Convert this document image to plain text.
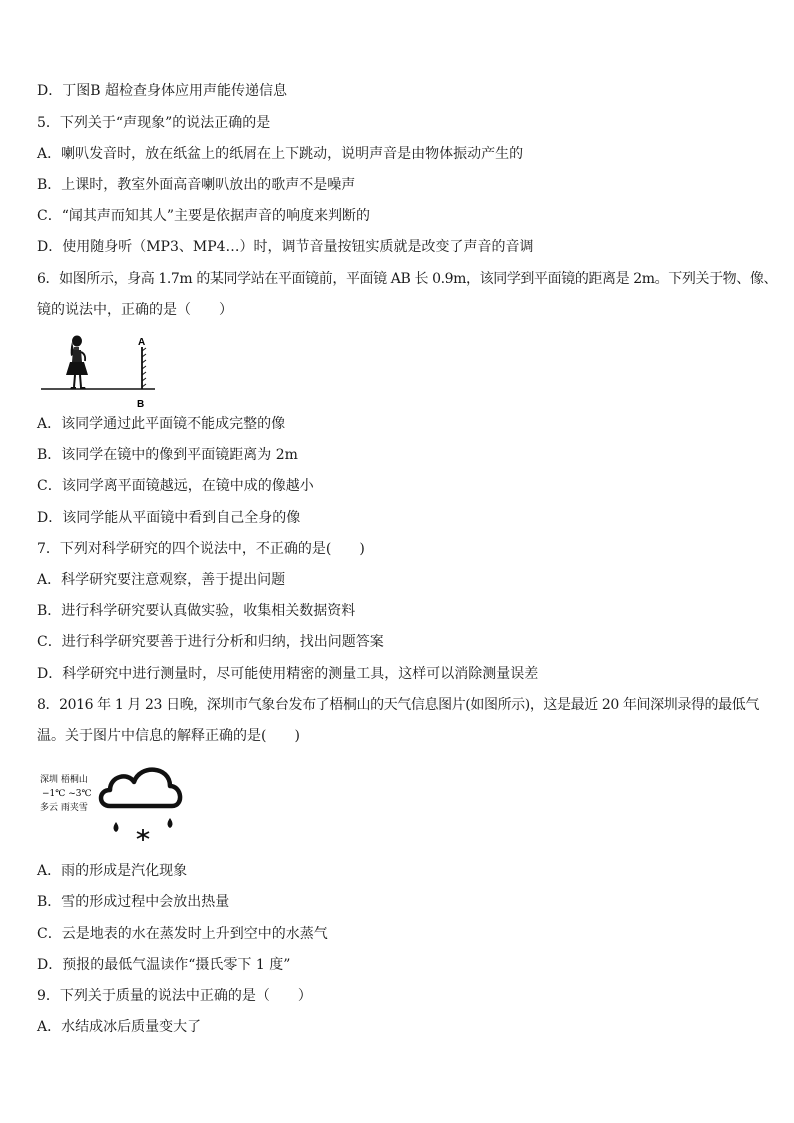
D．丁图B 超检查身体应用声能传递信息
5．下列关于“声现象”的说法正确的是
A．喇叭发音时，放在纸盆上的纸屑在上下跳动，说明声音是由物体振动产生的
B．上课时，教室外面高音喇叭放出的歌声不是噪声
C．“闻其声而知其人”主要是依据声音的响度来判断的
D．使用随身听（MP3、MP4…）时，调节音量按钮实质就是改变了声音的音调
6．如图所示，身高 1.7m 的某同学站在平面镜前，平面镜 AB 长 0.9m，该同学到平面镜的距离是 2m。下列关于物、像、
镜的说法中，正确的是（　　）
A
B
A．该同学通过此平面镜不能成完整的像
B．该同学在镜中的像到平面镜距离为 2m
C．该同学离平面镜越远，在镜中成的像越小
D．该同学能从平面镜中看到自己全身的像
7．下列对科学研究的四个说法中，不正确的是(　　)
A．科学研究要注意观察，善于提出问题
B．进行科学研究要认真做实验，收集相关数据资料
C．进行科学研究要善于进行分析和归纳，找出问题答案
D．科学研究中进行测量时，尽可能使用精密的测量工具，这样可以消除测量误差
8．2016 年 1 月 23 日晚，深圳市气象台发布了梧桐山的天气信息图片(如图所示)，这是最近 20 年间深圳录得的最低气
温。关于图片中信息的解释正确的是(　　)
深圳 梧桐山
−1℃ ~3℃
多云 雨夹雪
A．雨的形成是汽化现象
B．雪的形成过程中会放出热量
C．云是地表的水在蒸发时上升到空中的水蒸气
D．预报的最低气温读作“摄氏零下 1 度”
9．下列关于质量的说法中正确的是（　　）
A．水结成冰后质量变大了
